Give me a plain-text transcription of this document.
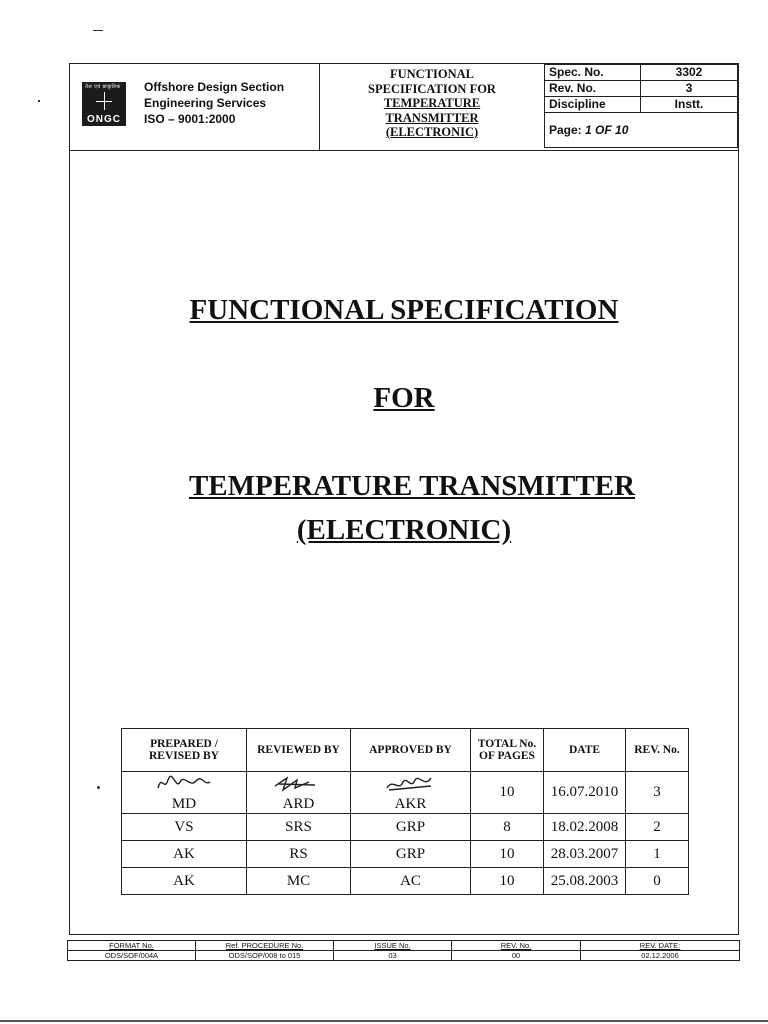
तेल एवं प्राकृतिक
ONGC
Offshore Design Section
Engineering Services
ISO – 9001:2000
FUNCTIONAL
SPECIFICATION FOR
TEMPERATURE
TRANSMITTER
(ELECTRONIC)
Spec. No.	3302
Rev. No.	3
Discipline	Instt.
Page: 1 OF 10	
FUNCTIONAL SPECIFICATION
FOR
TEMPERATURE TRANSMITTER
(ELECTRONIC)
PREPARED / REVISED BY	REVIEWED BY	APPROVED BY	TOTAL No. OF PAGES	DATE	REV. No.

MD	ARD	AKR	10	16.07.2010	3
VS	SRS	GRP	8	18.02.2008	2
AK	RS	GRP	10	28.03.2007	1
AK	MC	AC	10	25.08.2003	0
FORMAT No.	Ref. PROCEDURE No.	ISSUE No.	REV. No.	REV. DATE:
ODS/SOF/004A	ODS/SOP/008 to 015	03	00	02.12.2006
